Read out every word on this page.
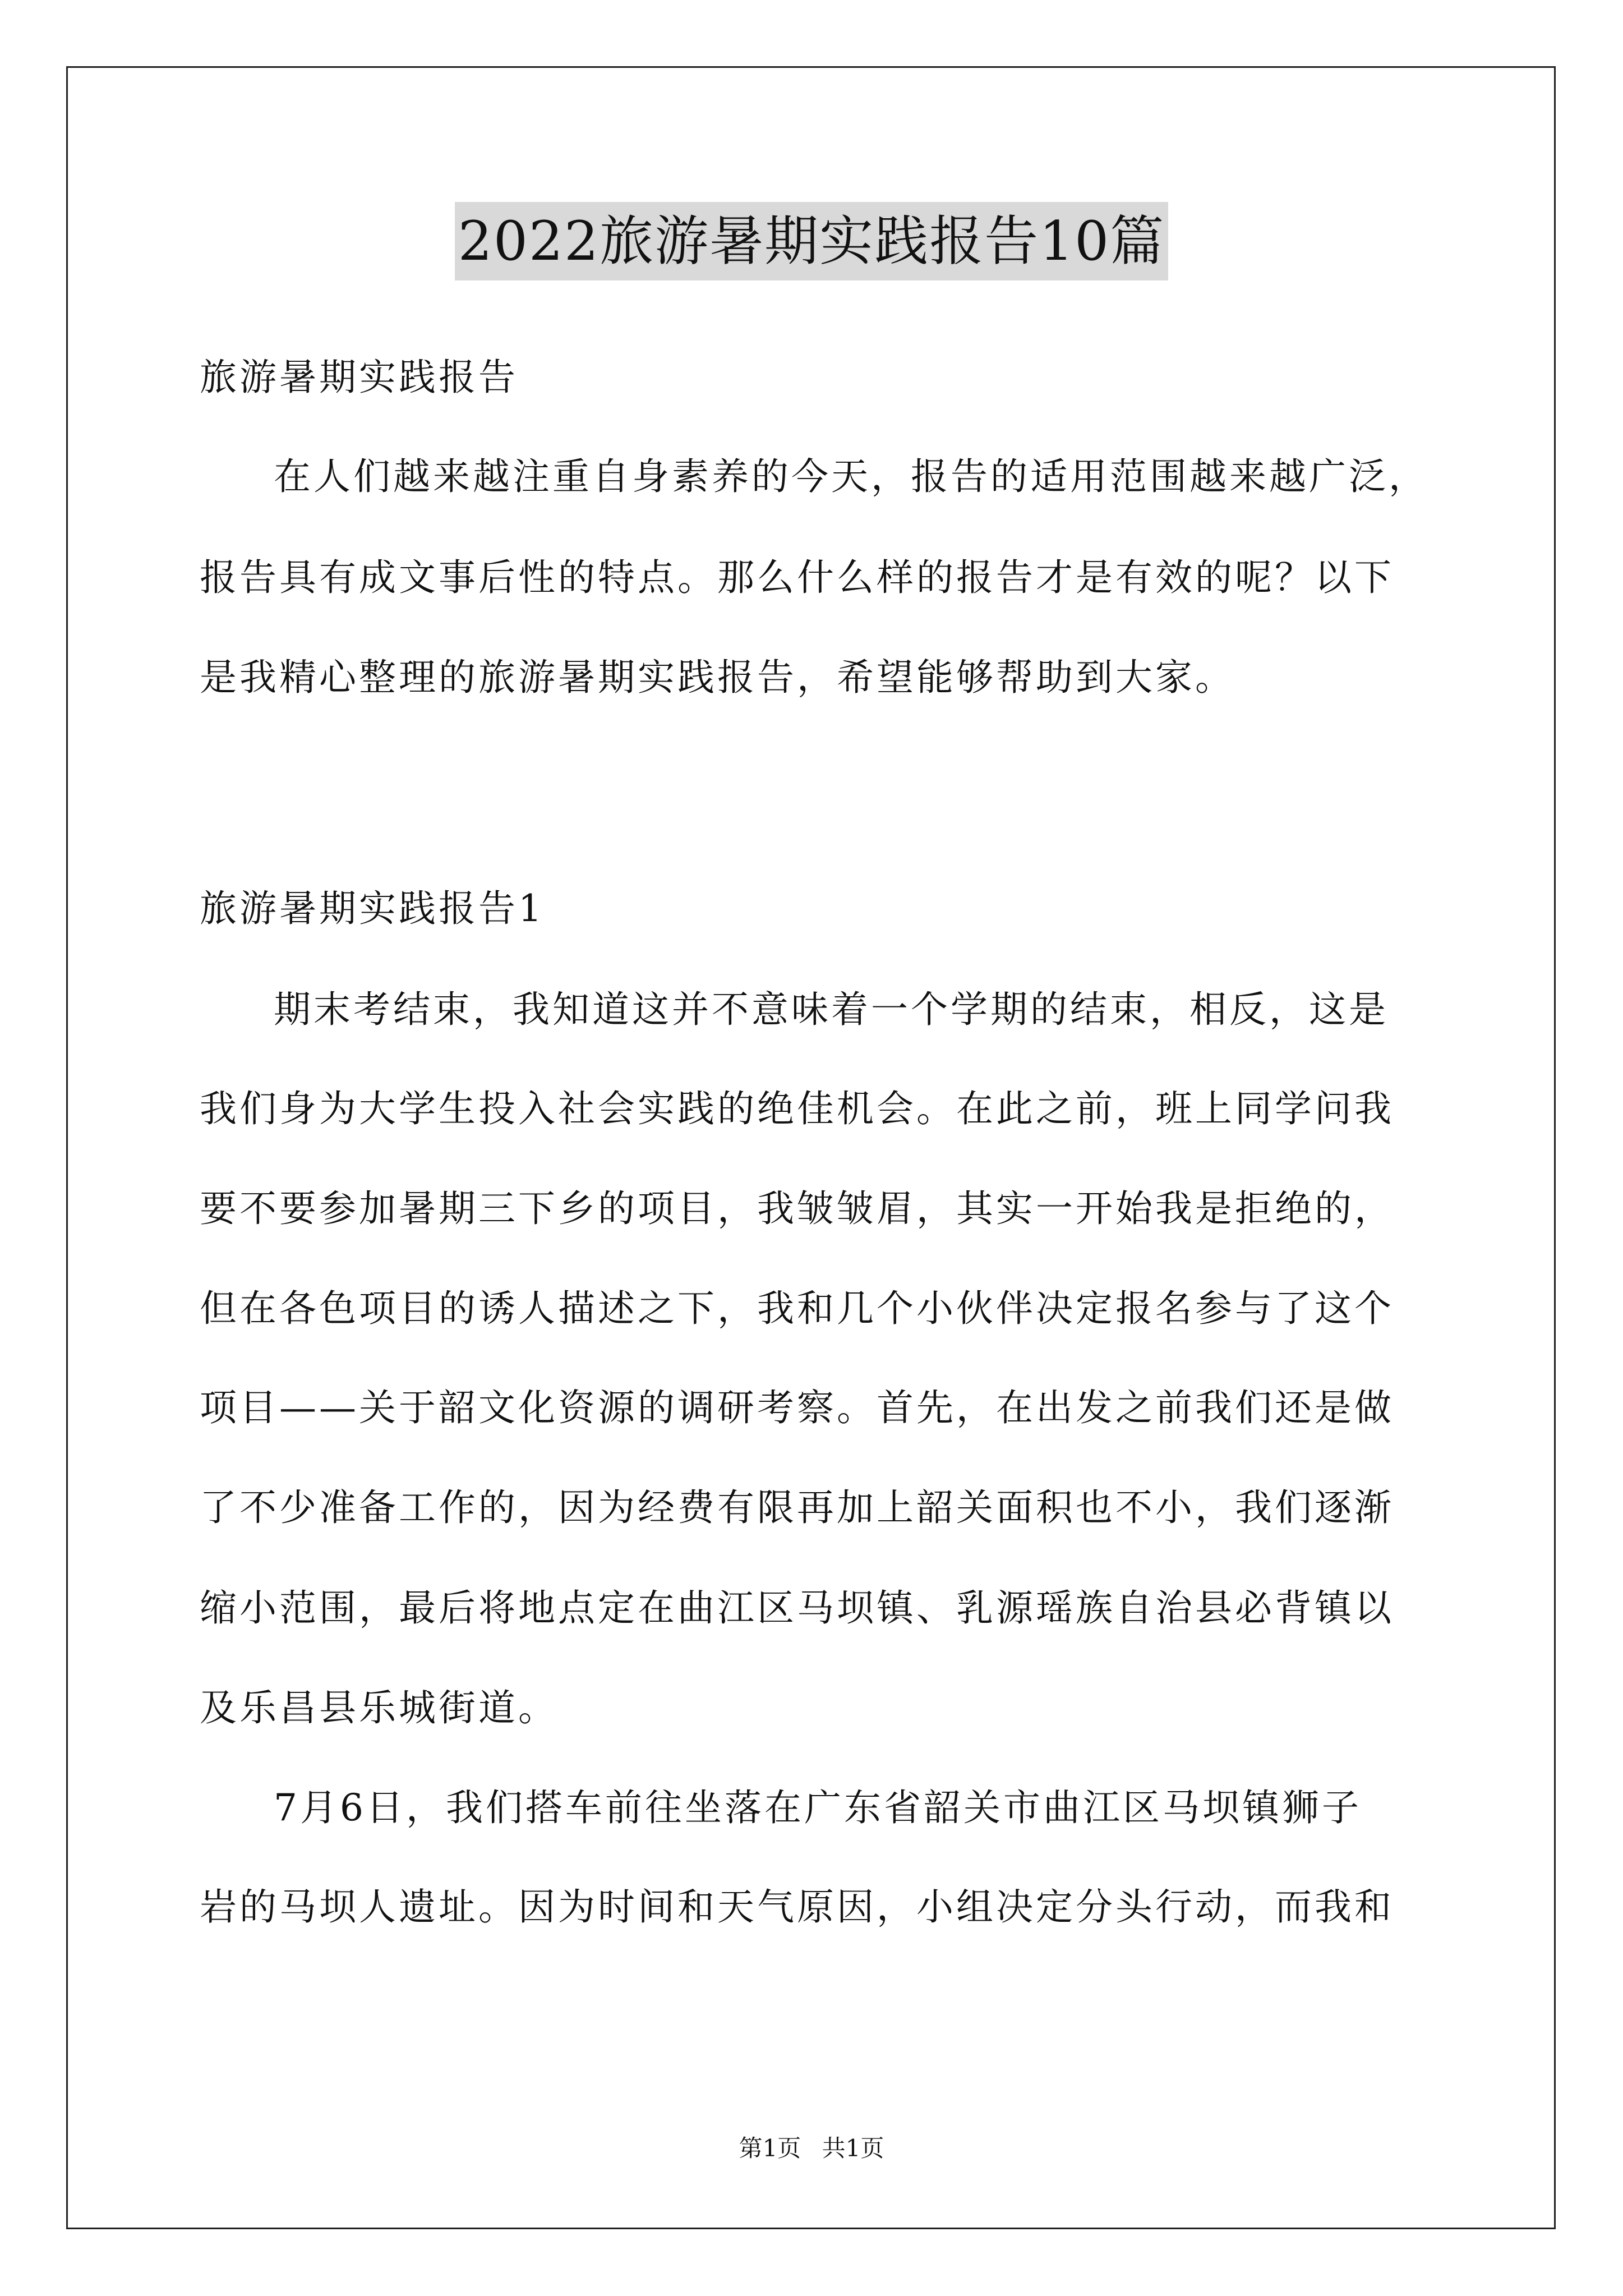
2022旅游暑期实践报告10篇
旅游暑期实践报告
在人们越来越注重自身素养的今天，报告的适用范围越来越广泛，
报告具有成文事后性的特点。那么什么样的报告才是有效的呢？以下
是我精心整理的旅游暑期实践报告，希望能够帮助到大家。
旅游暑期实践报告1
期末考结束，我知道这并不意味着一个学期的结束，相反，这是
我们身为大学生投入社会实践的绝佳机会。在此之前，班上同学问我
要不要参加暑期三下乡的项目，我皱皱眉，其实一开始我是拒绝的，
但在各色项目的诱人描述之下，我和几个小伙伴决定报名参与了这个
项目——关于韶文化资源的调研考察。首先，在出发之前我们还是做
了不少准备工作的，因为经费有限再加上韶关面积也不小，我们逐渐
缩小范围，最后将地点定在曲江区马坝镇、乳源瑶族自治县必背镇以
及乐昌县乐城街道。
7月6日，我们搭车前往坐落在广东省韶关市曲江区马坝镇狮子
岩的马坝人遗址。因为时间和天气原因，小组决定分头行动，而我和
第1页 共1页
